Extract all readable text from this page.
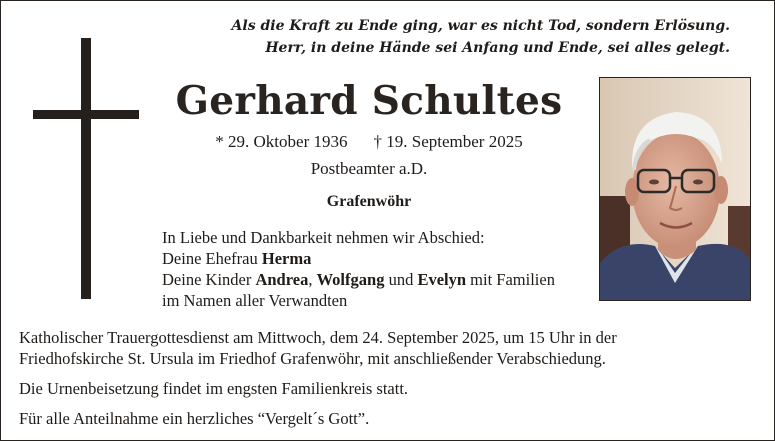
Als die Kraft zu Ende ging, war es nicht Tod, sondern Erlösung.
Herr, in deine Hände sei Anfang und Ende, sei alles gelegt.
Gerhard Schultes
* 29. Oktober 1936 † 19. September 2025
Postbeamter a.D.
Grafenwöhr
In Liebe und Dankbarkeit nehmen wir Abschied:
Deine Ehefrau Herma
Deine Kinder Andrea, Wolfgang und Evelyn mit Familien
im Namen aller Verwandten

Katholischer Trauergottesdienst am Mittwoch, dem 24. September 2025, um 15 Uhr in der

Friedhofskirche St. Ursula im Friedhof Grafenwöhr, mit anschließender Verabschiedung.

Die Urnenbeisetzung findet im engsten Familienkreis statt.

Für alle Anteilnahme ein herzliches “Vergelt´s Gott”.
